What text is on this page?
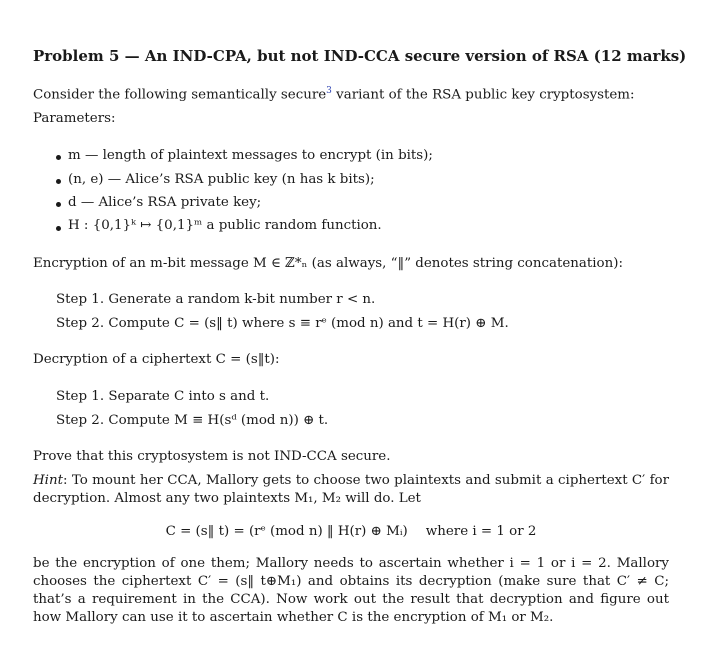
Problem 5 — An IND-CPA, but not IND-CCA secure version of RSA (12 marks)
Consider the following semantically secure$^3$ variant of the RSA public key cryptosystem:
Parameters:
m — length of plaintext messages to encrypt (in bits);
(n, e) — Alice’s RSA public key (n has k bits);
d — Alice’s RSA private key;
H : {0,1}ᵏ ↦ {0,1}ᵐ a public random function.
Encryption of an m-bit message M ∈ ℤ*ₙ (as always, “‖” denotes string concatenation):
Step 1. Generate a random k-bit number r < n.
Step 2. Compute C = (s‖ t) where s ≡ rᵉ (mod n) and t = H(r) ⊕ M.
Decryption of a ciphertext C = (s‖t):
Step 1. Separate C into s and t.
Step 2. Compute M ≡ H(sᵈ (mod n)) ⊕ t.
Prove that this cryptosystem is not IND-CCA secure.
Hint: To mount her CCA, Mallory gets to choose two plaintexts and submit a ciphertext C′ for decryption. Almost any two plaintexts M₁, M₂ will do. Let
C = (s‖ t) = (rᵉ (mod n) ‖ H(r) ⊕ Mᵢ) where i = 1 or 2
be the encryption of one them; Mallory needs to ascertain whether i = 1 or i = 2. Mallory chooses the ciphertext C′ = (s‖ t⊕M₁) and obtains its decryption (make sure that C′ ≠ C; that’s a requirement in the CCA). Now work out the result that decryption and figure out how Mallory can use it to ascertain whether C is the encryption of M₁ or M₂.
